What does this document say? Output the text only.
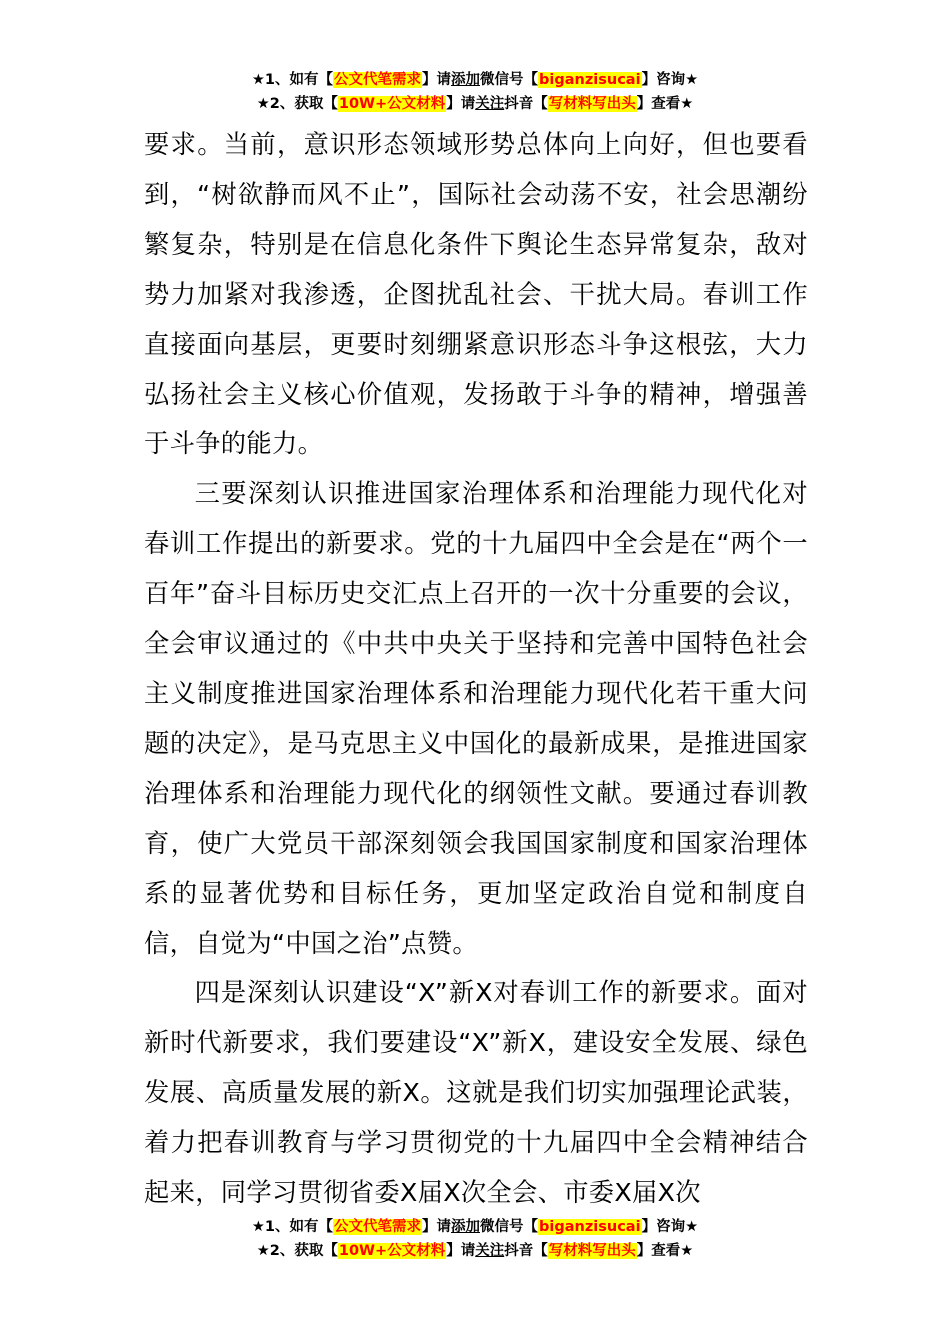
★1、如有【公文代笔需求】请添加微信号【biganzisucai】咨询★
★2、获取【10W+公文材料】请关注抖音【写材料写出头】查看★

要求。当前，意识形态领域形势总体向上向好，但也要看到，“树欲静而风不止”，国际社会动荡不安，社会思潮纷繁复杂，特别是在信息化条件下舆论生态异常复杂，敌对势力加紧对我渗透，企图扰乱社会、干扰大局。春训工作直接面向基层，更要时刻绷紧意识形态斗争这根弦，大力弘扬社会主义核心价值观，发扬敢于斗争的精神，增强善于斗争的能力。

三要深刻认识推进国家治理体系和治理能力现代化对春训工作提出的新要求。党的十九届四中全会是在“两个一百年”奋斗目标历史交汇点上召开的一次十分重要的会议，全会审议通过的《中共中央关于坚持和完善中国特色社会主义制度推进国家治理体系和治理能力现代化若干重大问题的决定》，是马克思主义中国化的最新成果，是推进国家治理体系和治理能力现代化的纲领性文献。要通过春训教育，使广大党员干部深刻领会我国国家制度和国家治理体系的显著优势和目标任务，更加坚定政治自觉和制度自信，自觉为“中国之治”点赞。

四是深刻认识建设“X”新X对春训工作的新要求。面对新时代新要求，我们要建设“X”新X，建设安全发展、绿色发展、高质量发展的新X。这就是我们切实加强理论武装，着力把春训教育与学习贯彻党的十九届四中全会精神结合起来，同学习贯彻省委X届X次全会、市委X届X次

★1、如有【公文代笔需求】请添加微信号【biganzisucai】咨询★
★2、获取【10W+公文材料】请关注抖音【写材料写出头】查看★
